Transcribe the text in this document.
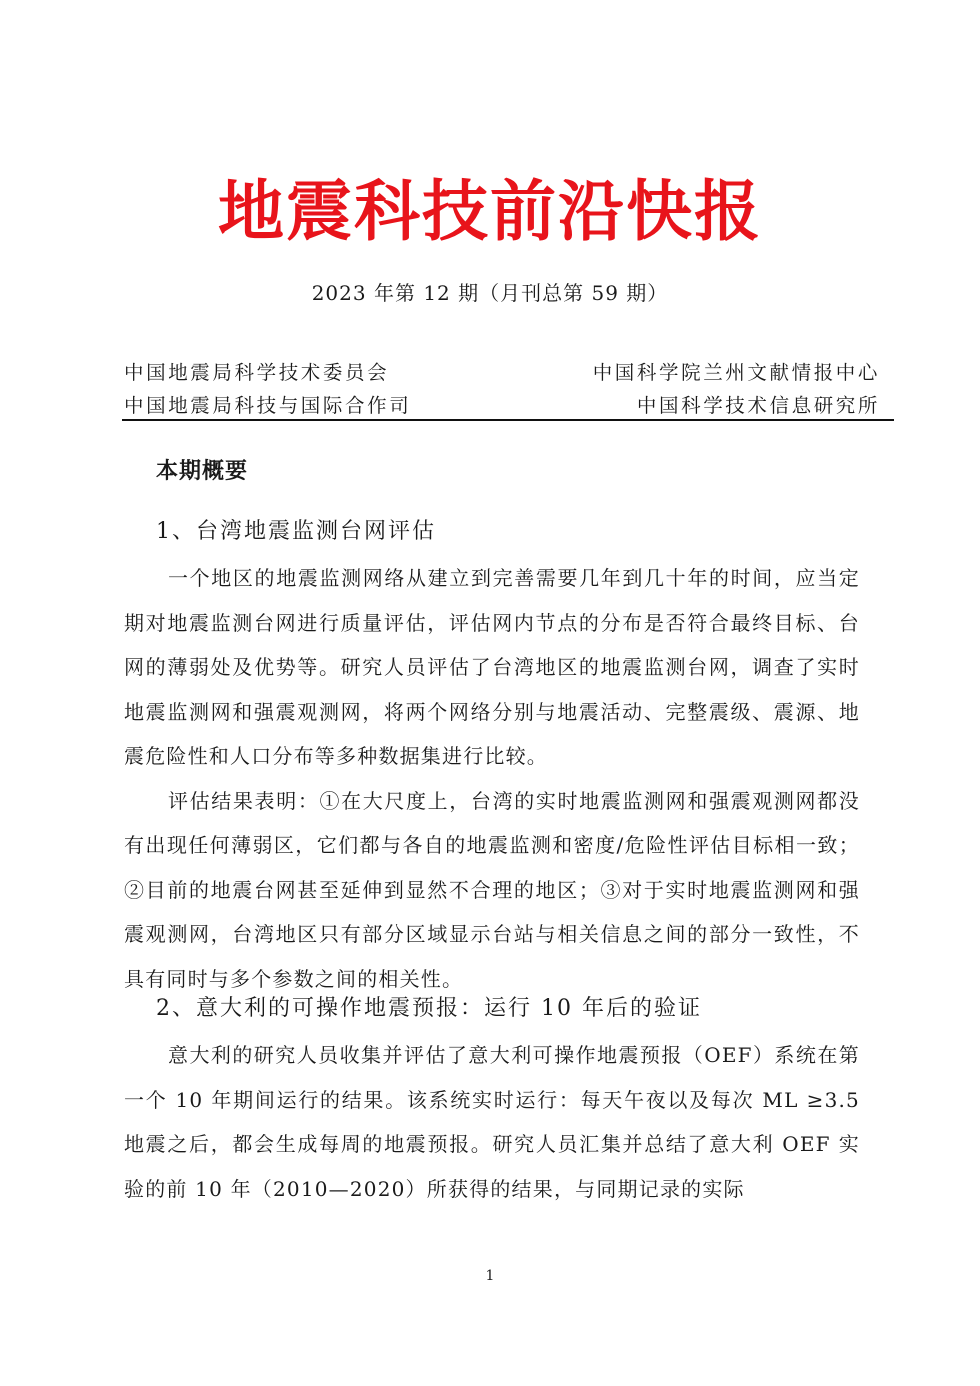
地震科技前沿快报
2023 年第 12 期（月刊总第 59 期）
中国地震局科学技术委员会
中国地震局科技与国际合作司
中国科学院兰州文献情报中心
中国科学技术信息研究所
本期概要
1、台湾地震监测台网评估

一个地区的地震监测网络从建立到完善需要几年到几十年的时间，应当定期对地震监测台网进行质量评估，评估网内节点的分布是否符合最终目标、台网的薄弱处及优势等。研究人员评估了台湾地区的地震监测台网，调查了实时地震监测网和强震观测网，将两个网络分别与地震活动、完整震级、震源、地震危险性和人口分布等多种数据集进行比较。

评估结果表明：①在大尺度上，台湾的实时地震监测网和强震观测网都没有出现任何薄弱区，它们都与各自的地震监测和密度/危险性评估目标相一致；②目前的地震台网甚至延伸到显然不合理的地区；③对于实时地震监测网和强震观测网，台湾地区只有部分区域显示台站与相关信息之间的部分一致性，不具有同时与多个参数之间的相关性。

2、意大利的可操作地震预报：运行 10 年后的验证

意大利的研究人员收集并评估了意大利可操作地震预报（OEF）系统在第一个 10 年期间运行的结果。该系统实时运行：每天午夜以及每次 ML ≥3.5 地震之后，都会生成每周的地震预报。研究人员汇集并总结了意大利 OEF 实验的前 10 年（2010—2020）所获得的结果，与同期记录的实际

1
